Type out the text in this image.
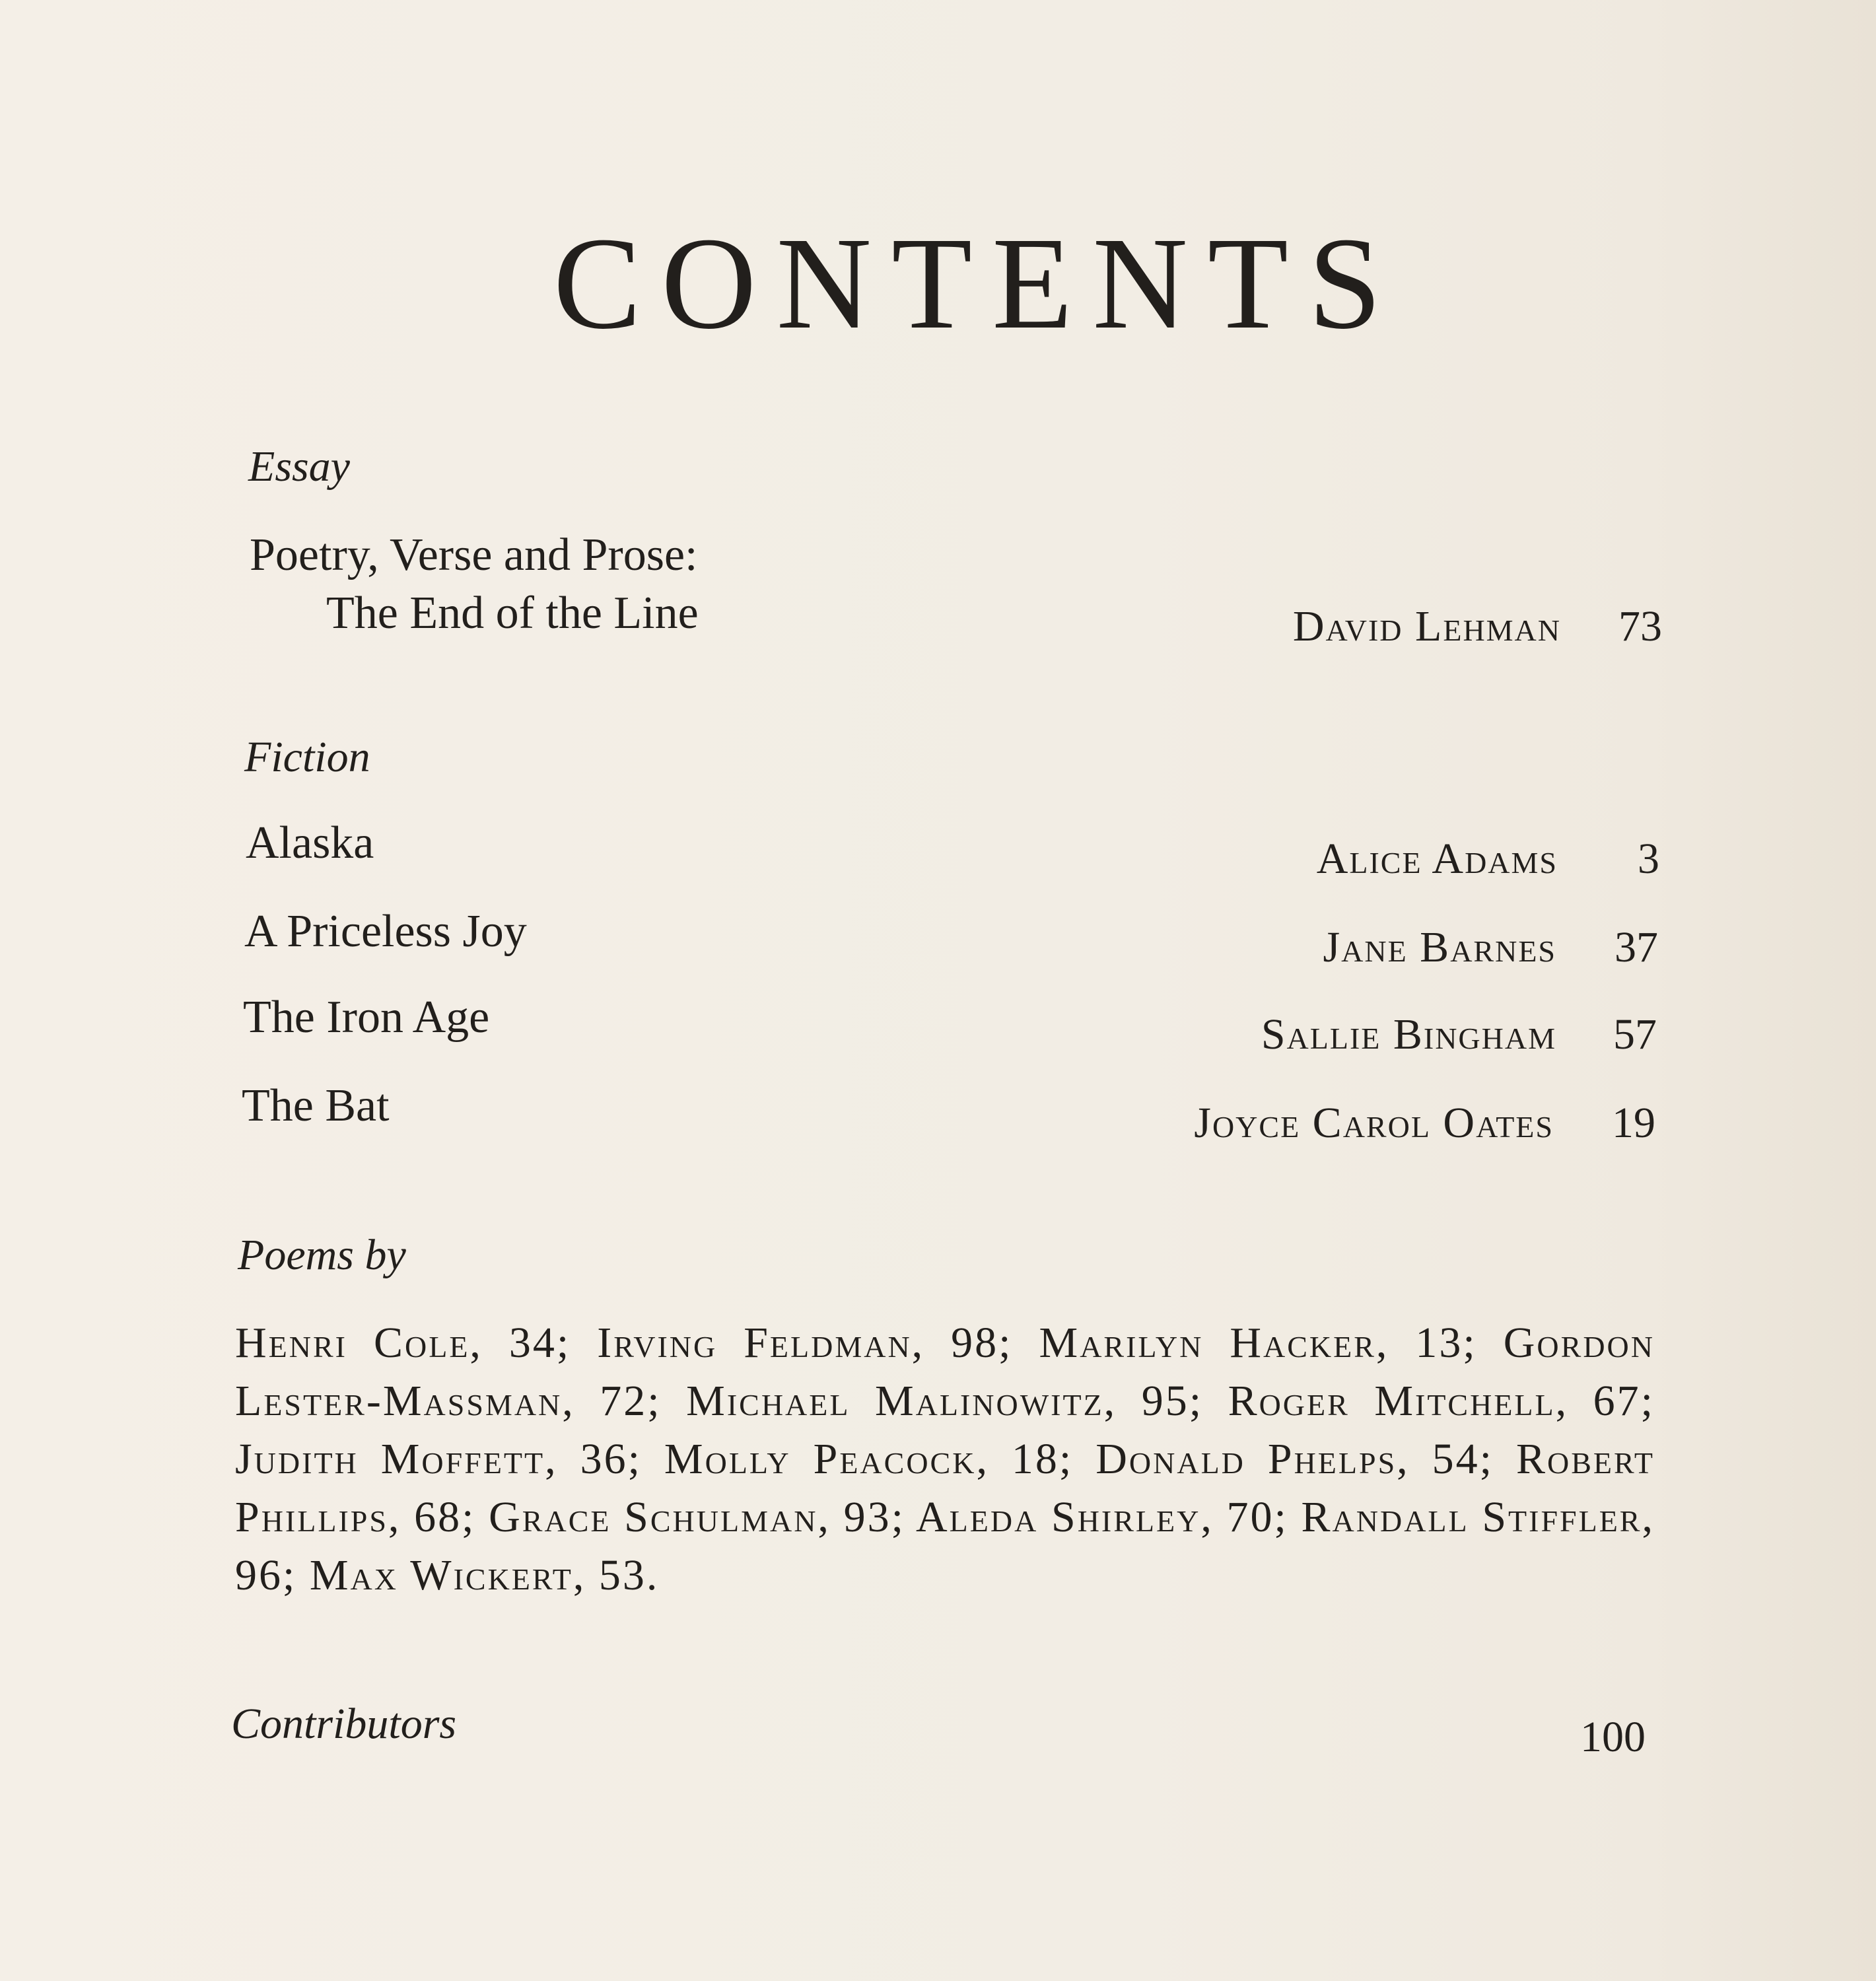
CONTENTS
Essay
Poetry, Verse and Prose:
The End of the Line	David Lehman	73
Fiction
Alaska	Alice Adams	3
A Priceless Joy	Jane Barnes	37
The Iron Age	Sallie Bingham	57
The Bat	Joyce Carol Oates	19
Poems by
Henri Cole, 34; Irving Feldman, 98; Marilyn Hacker, 13; Gordon Lester-Massman, 72; Michael Malinowitz, 95; Roger Mitchell, 67; Judith Moffett, 36; Molly Peacock, 18; Donald Phelps, 54; Robert Phillips, 68; Grace Schulman, 93; Aleda Shirley, 70; Randall Stiffler, 96; Max Wickert, 53.
Contributors	100
